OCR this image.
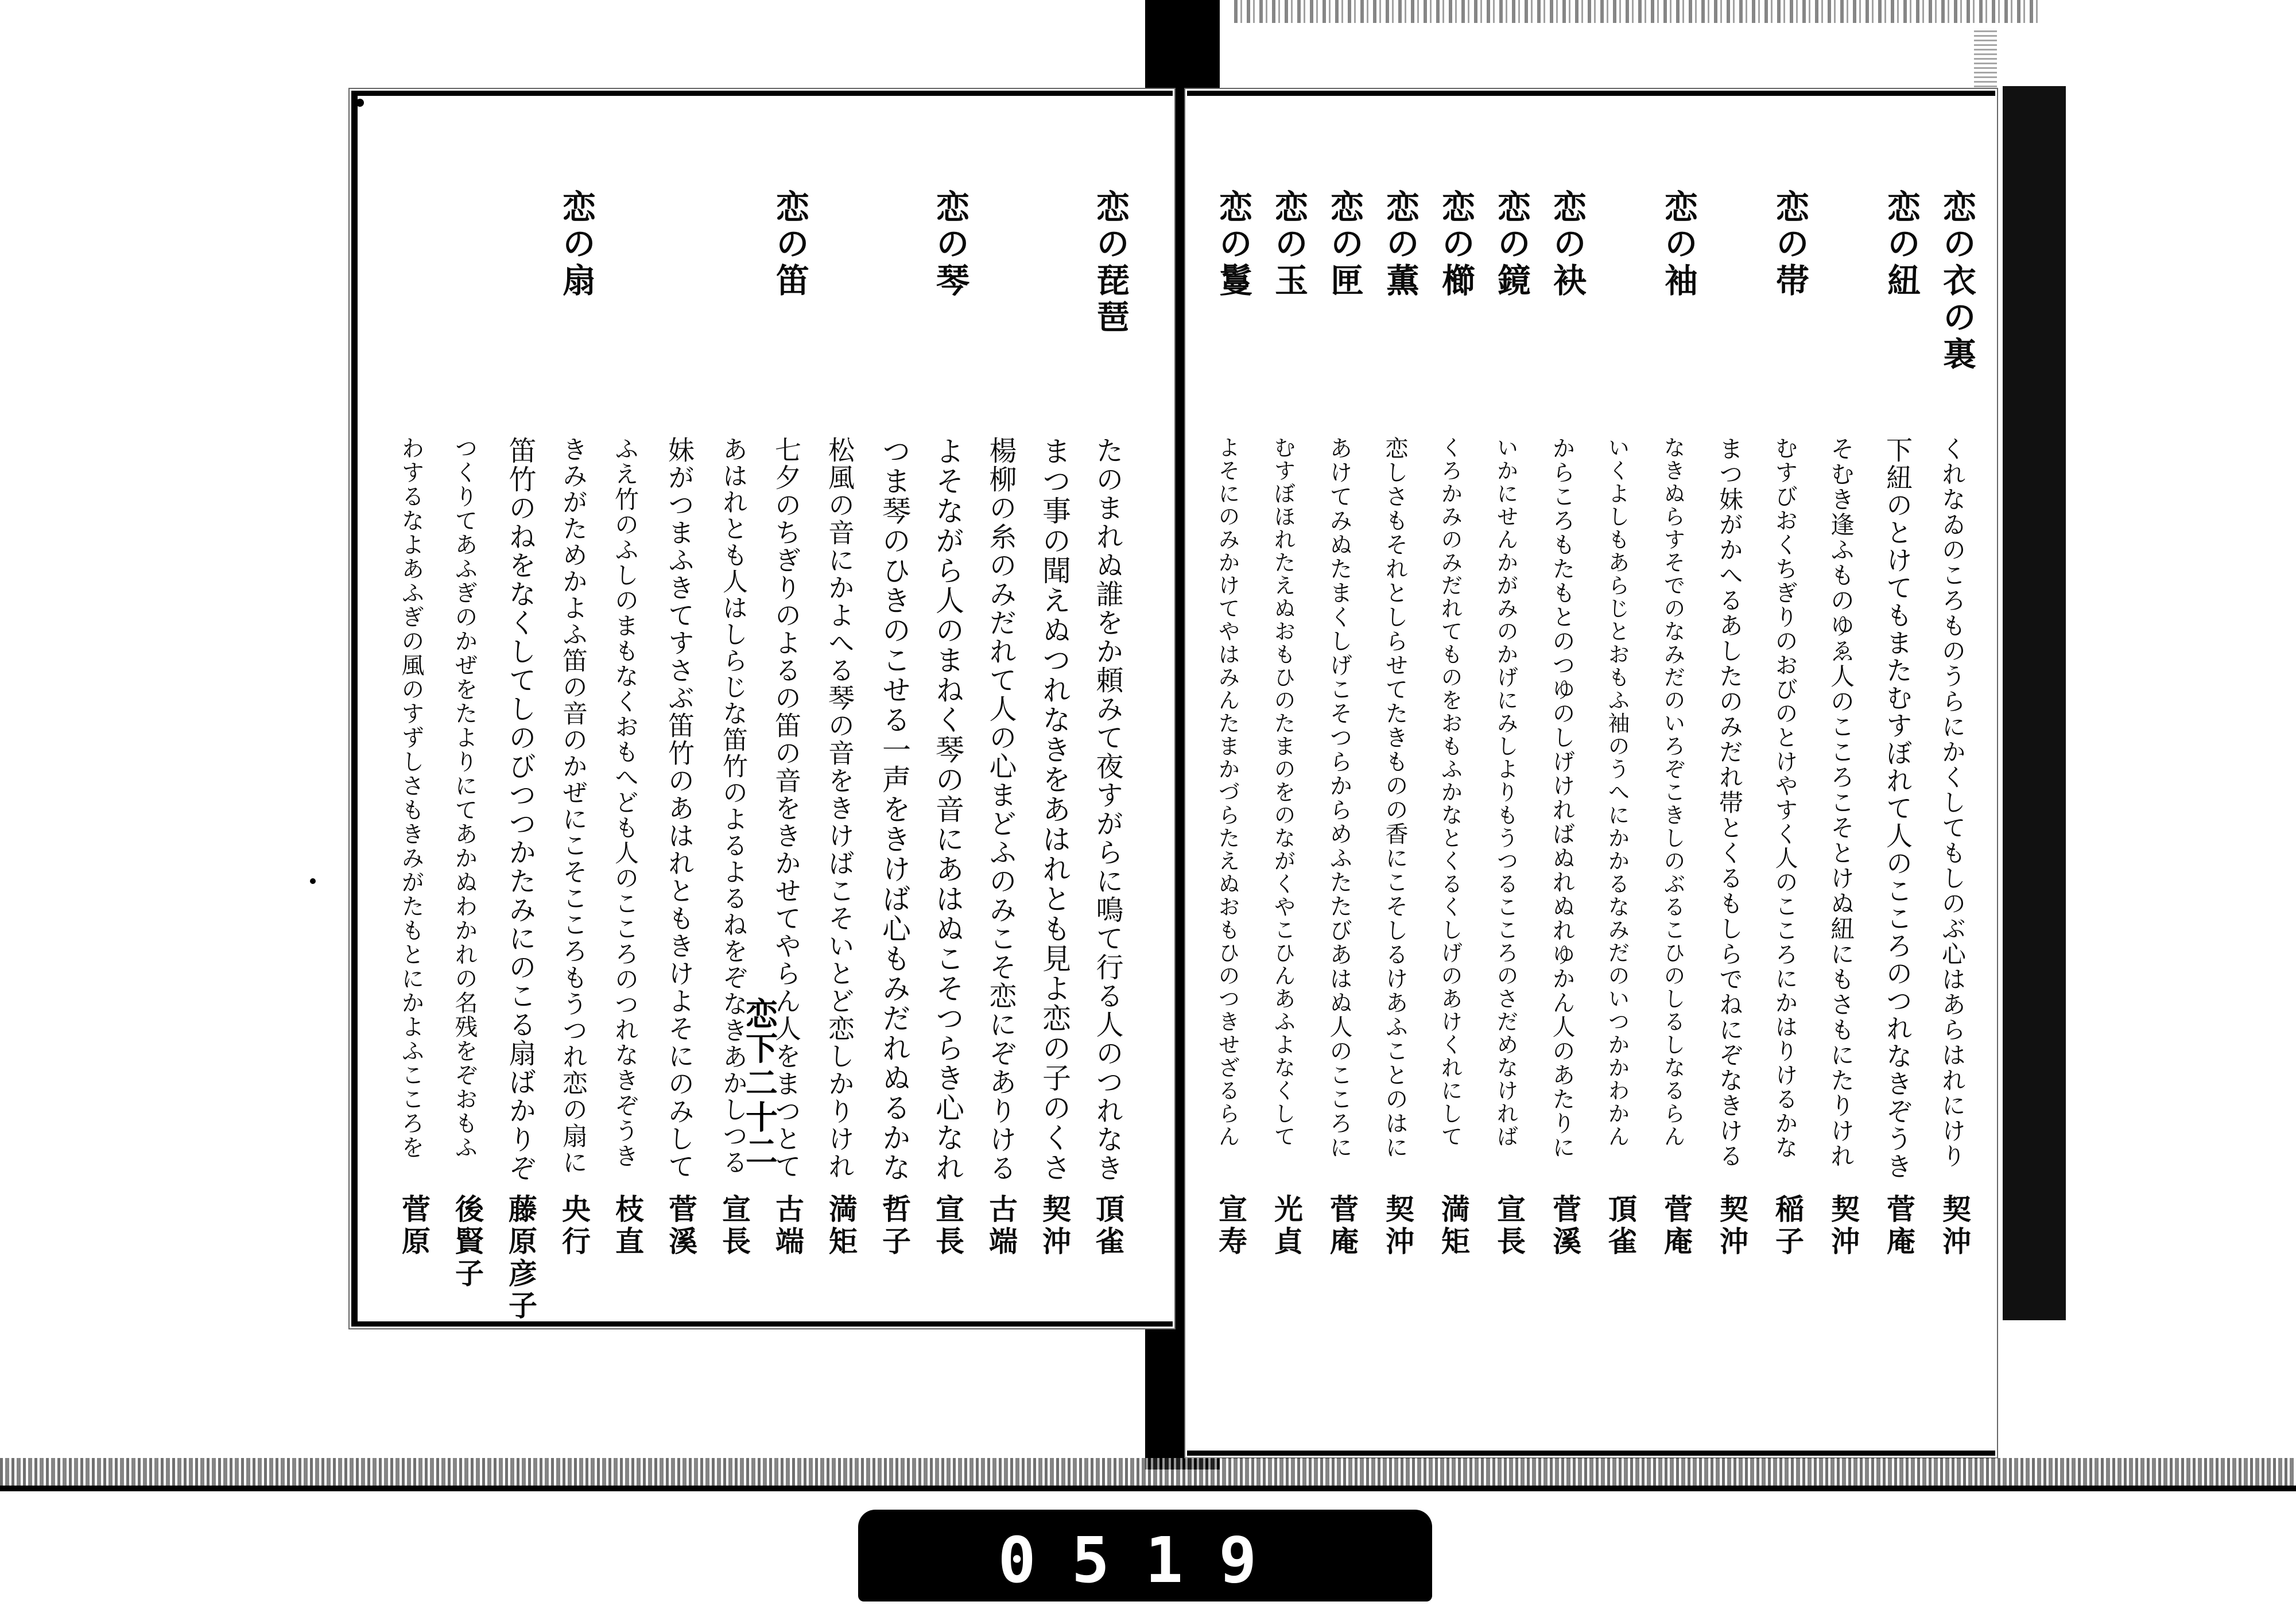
恋下二十二
恋の琵琶
たのまれぬ誰をか頼みて夜すがらに鳴て行る人のつれなき
頂雀
まつ事の聞えぬつれなきをあはれとも見よ恋の子のくさ
契沖
楊柳の糸のみだれて人の心まどふのみこそ恋にぞありける
古端
恋の琴
よそながら人のまねく琴の音にあはぬこそつらき心なれ
宣長
つま琴のひきのこせる一声をきけば心もみだれぬるかな
哲子
松風の音にかよへる琴の音をきけばこそいとど恋しかりけれ
満矩
恋の笛
七夕のちぎりのよるの笛の音をきかせてやらん人をまつとて
古端
あはれとも人はしらじな笛竹のよるよるねをぞなきあかしつる
宣長
妹がつまふきてすさぶ笛竹のあはれともきけよそにのみして
菅溪
ふえ竹のふしのまもなくおもへども人のこころのつれなきぞうき
枝直
恋の扇
きみがためかよふ笛の音のかぜにこそこころもうつれ恋の扇に
央行
笛竹のねをなくしてしのびつつかたみにのこる扇ばかりぞ
藤原彦子
つくりてあふぎのかぜをたよりにてあかぬわかれの名残をぞおもふ
後賢子
わするなよあふぎの風のすずしさもきみがたもとにかよふこころを
菅原
恋の衣の裏
くれなゐのころものうらにかくしてもしのぶ心はあらはれにけり
契沖
恋の紐
下紐のとけてもまたむすぼれて人のこころのつれなきぞうき
菅庵
そむき逢ふものゆゑ人のこころこそとけぬ紐にもさもにたりけれ
契沖
恋の帯
むすびおくちぎりのおびのとけやすく人のこころにかはりけるかな
稲子
まつ妹がかへるあしたのみだれ帯とくるもしらでねにぞなきける
契沖
恋の袖
なきぬらすそでのなみだのいろぞこきしのぶるこひのしるしなるらん
菅庵
いくよしもあらじとおもふ袖のうへにかかるなみだのいつかかわかん
頂雀
恋の袂
からころもたもとのつゆのしげければぬれぬれゆかん人のあたりに
菅溪
恋の鏡
いかにせんかがみのかげにみしよりもうつるこころのさだめなければ
宣長
恋の櫛
くろかみのみだれてものをおもふかなとくるくしげのあけくれにして
満矩
恋の薫
恋しさもそれとしらせてたきものの香にこそしるけあふことのはに
契沖
恋の匣
あけてみぬたまくしげこそつらからめふたたびあはぬ人のこころに
菅庵
恋の玉
むすぼほれたえぬおもひのたまのをのながくやこひんあふよなくして
光貞
恋の鬘
よそにのみかけてやはみんたまかづらたえぬおもひのつきせざるらん
宣寿
0519
